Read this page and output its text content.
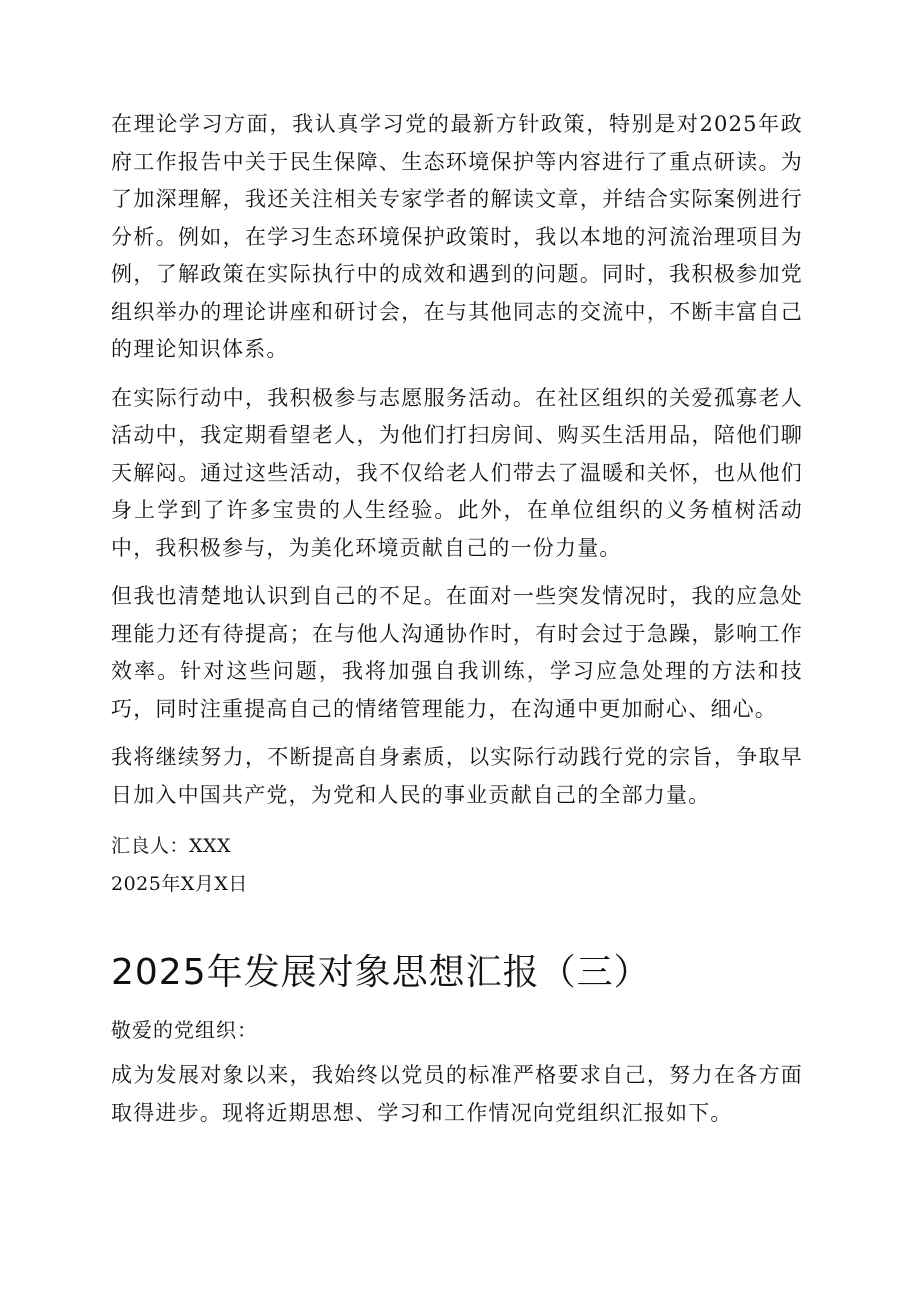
在理论学习方面，我认真学习党的最新方针政策，特别是对2025年政府工作报告中关于民生保障、生态环境保护等内容进行了重点研读。为了加深理解，我还关注相关专家学者的解读文章，并结合实际案例进行分析。例如，在学习生态环境保护政策时，我以本地的河流治理项目为例，了解政策在实际执行中的成效和遇到的问题。同时，我积极参加党组织举办的理论讲座和研讨会，在与其他同志的交流中，不断丰富自己的理论知识体系。

在实际行动中，我积极参与志愿服务活动。在社区组织的关爱孤寡老人活动中，我定期看望老人，为他们打扫房间、购买生活用品，陪他们聊天解闷。通过这些活动，我不仅给老人们带去了温暖和关怀，也从他们身上学到了许多宝贵的人生经验。此外，在单位组织的义务植树活动中，我积极参与，为美化环境贡献自己的一份力量。

但我也清楚地认识到自己的不足。在面对一些突发情况时，我的应急处理能力还有待提高；在与他人沟通协作时，有时会过于急躁，影响工作效率。针对这些问题，我将加强自我训练，学习应急处理的方法和技巧，同时注重提高自己的情绪管理能力，在沟通中更加耐心、细心。

我将继续努力，不断提高自身素质，以实际行动践行党的宗旨，争取早日加入中国共产党，为党和人民的事业贡献自己的全部力量。

汇良人：XXX
2025年X月X日
2025年发展对象思想汇报（三）

敬爱的党组织：

成为发展对象以来，我始终以党员的标准严格要求自己，努力在各方面取得进步。现将近期思想、学习和工作情况向党组织汇报如下。
